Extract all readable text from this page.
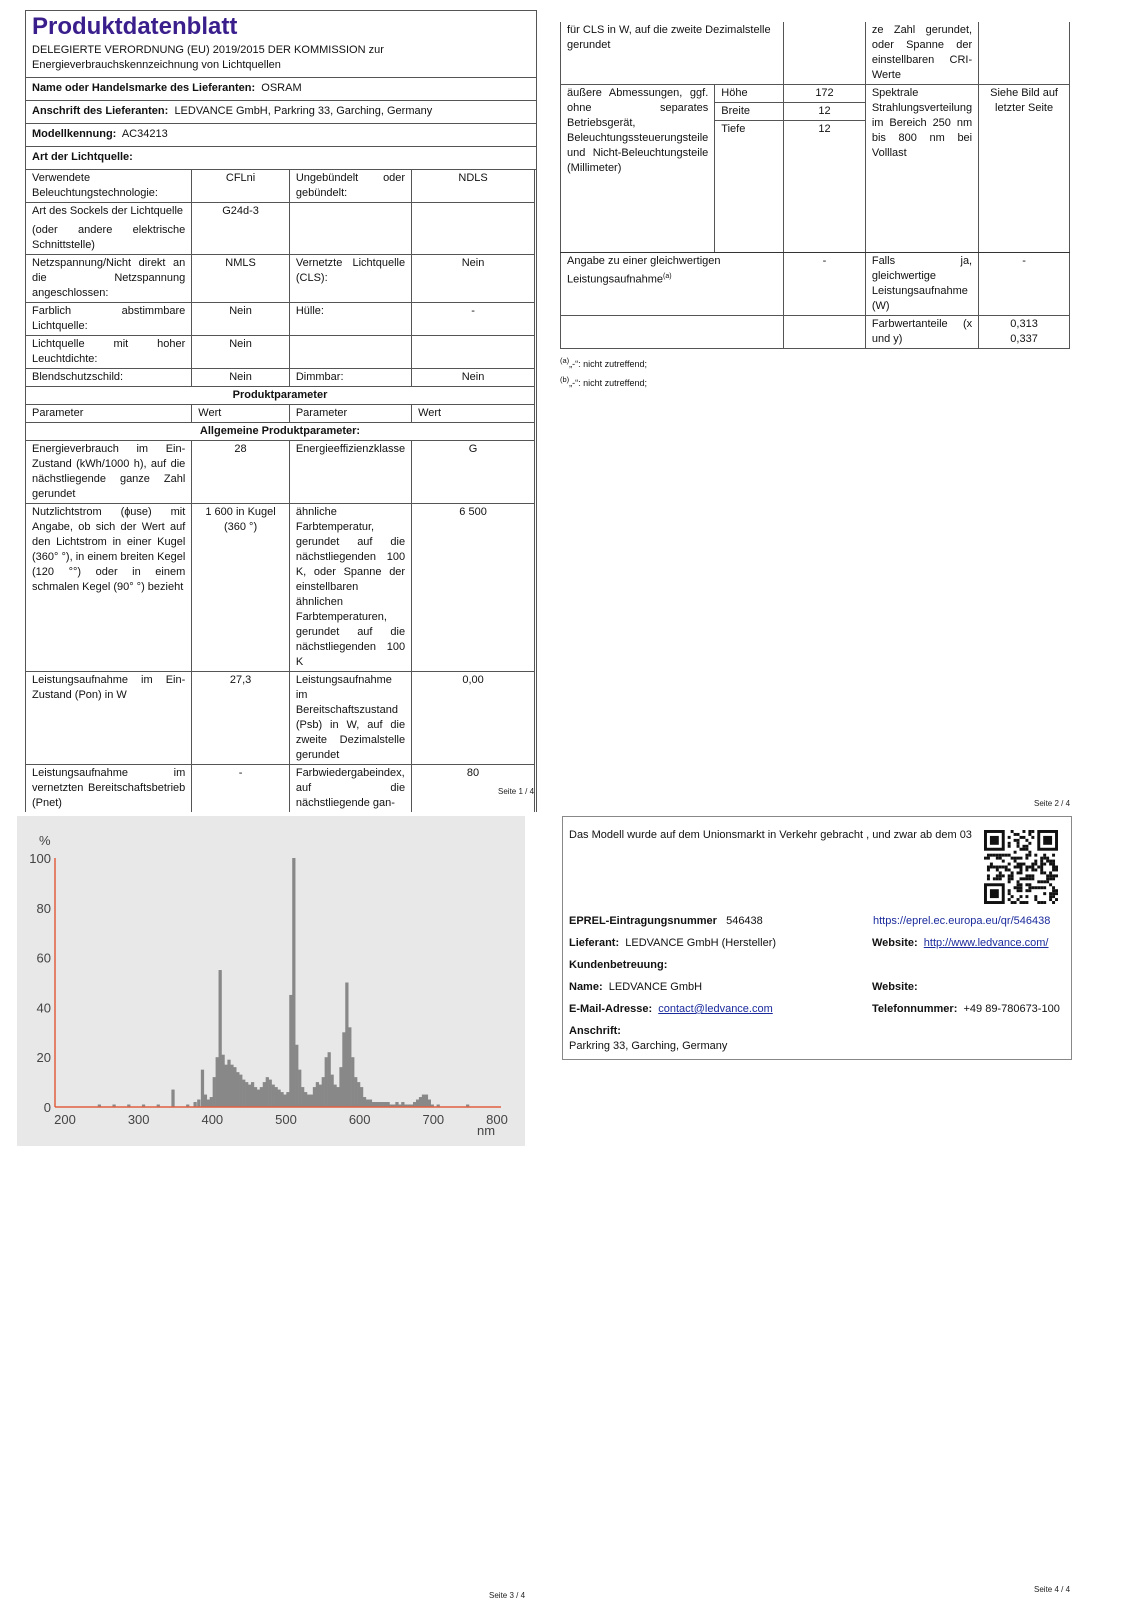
Produktdatenblatt
DELEGIERTE VERORDNUNG (EU) 2019/2015 DER KOMMISSION zur Energieverbrauchskennzeichnung von Lichtquellen
Name oder Handelsmarke des Lieferanten: OSRAM
Anschrift des Lieferanten: LEDVANCE GmbH, Parkring 33, Garching, Germany
Modellkennung: AC34213
Art der Lichtquelle:
Verwendete Beleuchtungstechnologie:	CFLni	Ungebündelt oder gebündelt:	NDLS

Art des Sockels der Lichtquelle
(oder andere elektrische Schnittstelle)	G24d-3		
Netzspannung/Nicht direkt an die Netzspannung angeschlossen:	NMLS	Vernetzte Lichtquelle (CLS):	Nein
Farblich abstimmbare Lichtquelle:	Nein	Hülle:	-
Lichtquelle mit hoher Leuchtdichte:	Nein		
Blendschutzschild:	Nein	Dimmbar:	Nein
Produktparameter			
Parameter	Wert	Parameter	Wert
Allgemeine Produktparameter:			
Energieverbrauch im Ein-Zustand (kWh/1000 h), auf die nächstliegende ganze Zahl gerundet	28	Energieeffizienzklasse	G
Nutzlichtstrom (ɸuse) mit Angabe, ob sich der Wert auf den Lichtstrom in einer Kugel (360° °), in einem breiten Kegel (120 °°) oder in einem schmalen Kegel (90° °) bezieht	1 600 in Kugel (360 °)	ähnliche Farbtemperatur, gerundet auf die nächstliegenden 100 K, oder Spanne der einstellbaren ähnlichen Farbtemperaturen, gerundet auf die nächstliegenden 100 K	6 500
Leistungsaufnahme im Ein-Zustand (Pon) in W	27,3	Leistungsaufnahme im Bereitschaftszustand (Psb) in W, auf die zweite Dezimalstelle gerundet	0,00
Leistungsaufnahme im vernetzten Bereitschaftsbetrieb (Pnet)	-	Farbwiedergabeindex, auf die nächstliegende gan-	80
Seite 1 / 4
für CLS in W, auf die zweite Dezimalstelle gerundet			ze Zahl gerundet, oder Spanne der einstellbaren CRI-Werte	
äußere Abmessungen, ggf. ohne separates Betriebsgerät, Beleuchtungssteuerungsteile und Nicht-Beleuchtungsteile (Millimeter)	Höhe	172	Spektrale Strahlungsverteilung im Bereich 250 nm bis 800 nm bei Volllast	Siehe Bild auf letzter Seite
	Breite	12		
	Tiefe	12		

Angabe zu einer gleichwertigen Leistungsaufnahme$^{(a)}$		-	Falls ja, gleichwertige Leistungsaufnahme (W)	-
			Farbwertanteile (x und y)	0,313
0,337
$^{(a)}$„-“: nicht zutreffend;
$^{(b)}$„-“: nicht zutreffend;
Seite 2 / 4
%
nm
0
20
40
60
80
100
200	300	400	500	600	700	800
Seite 3 / 4
Das Modell wurde auf dem Unionsmarkt in Verkehr gebracht , und zwar ab dem 03
EPREL-Eintragungsnummer 546438	https://eprel.ec.europa.eu/qr/546438
Lieferant: LEDVANCE GmbH (Hersteller)	Website: http://www.ledvance.com/
Kundenbetreuung:
Name: LEDVANCE GmbH	Website:
E-Mail-Adresse: contact@ledvance.com	Telefonnummer: +49 89-780673-100
Anschrift:
Parkring 33, Garching, Germany
Seite 4 / 4
